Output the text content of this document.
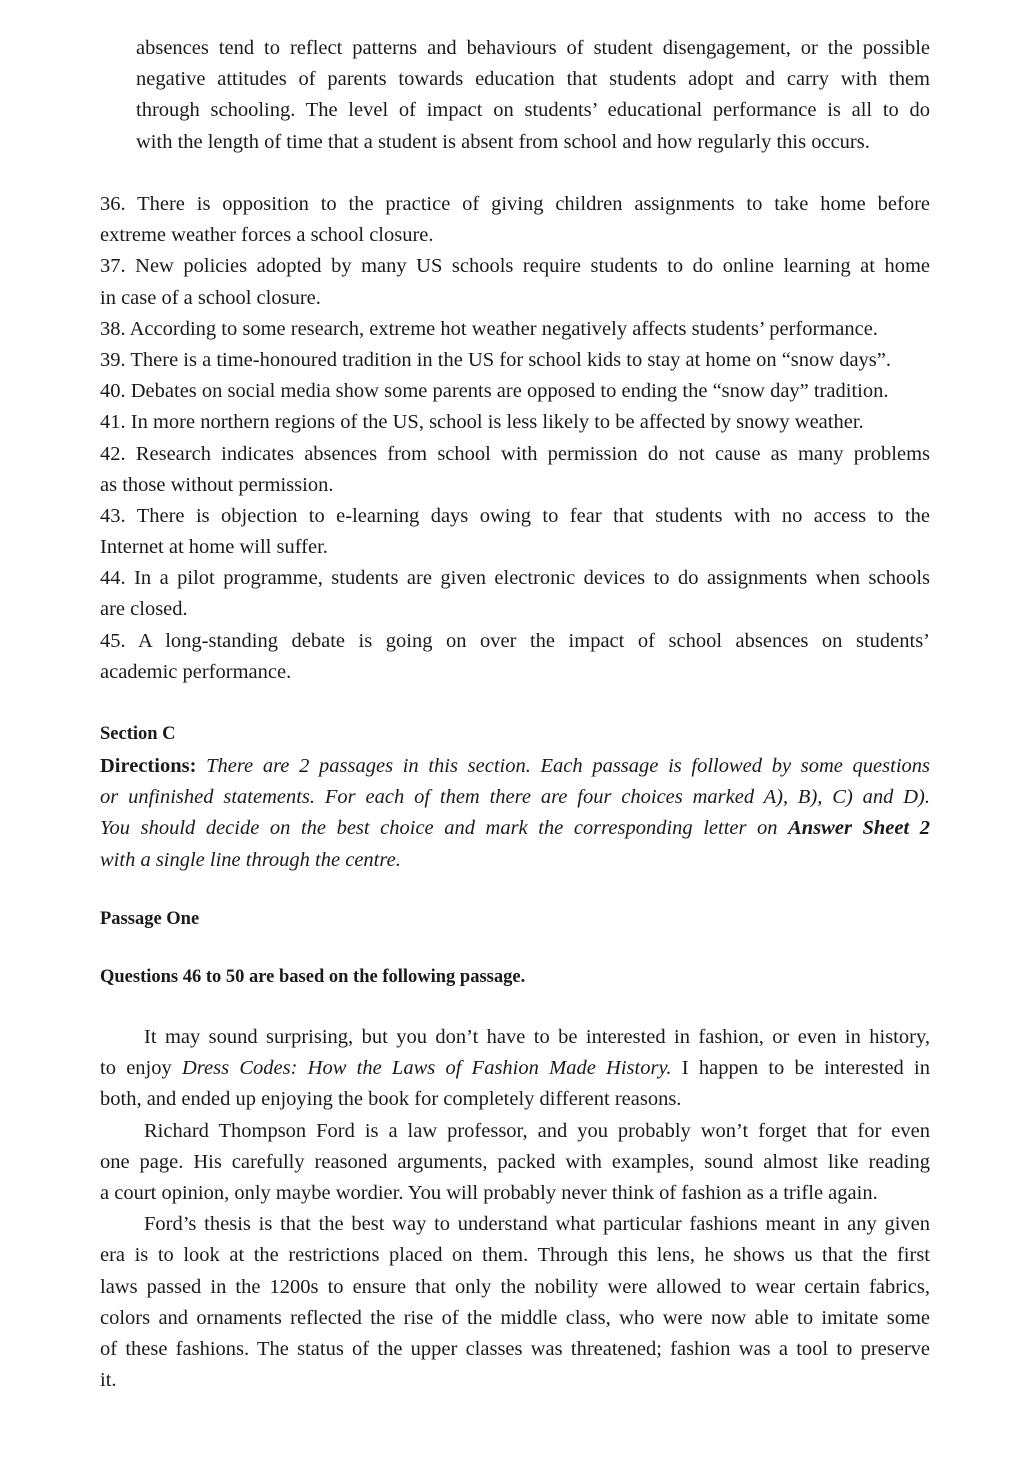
absences tend to reflect patterns and behaviours of student disengagement, or the possible
negative attitudes of parents towards education that students adopt and carry with them
through schooling. The level of impact on students’ educational performance is all to do
with the length of time that a student is absent from school and how regularly this occurs.
36. There is opposition to the practice of giving children assignments to take home before
extreme weather forces a school closure.
37. New policies adopted by many US schools require students to do online learning at home
in case of a school closure.
38. According to some research, extreme hot weather negatively affects students’ performance.
39. There is a time-honoured tradition in the US for school kids to stay at home on “snow days”.
40. Debates on social media show some parents are opposed to ending the “snow day” tradition.
41. In more northern regions of the US, school is less likely to be affected by snowy weather.
42. Research indicates absences from school with permission do not cause as many problems
as those without permission.
43. There is objection to e-learning days owing to fear that students with no access to the
Internet at home will suffer.
44. In a pilot programme, students are given electronic devices to do assignments when schools
are closed.
45. A long-standing debate is going on over the impact of school absences on students’
academic performance.
Section C
Directions: There are 2 passages in this section. Each passage is followed by some questions
or unfinished statements. For each of them there are four choices marked A), B), C) and D).
You should decide on the best choice and mark the corresponding letter on Answer Sheet 2
with a single line through the centre.
Passage One
Questions 46 to 50 are based on the following passage.
It may sound surprising, but you don’t have to be interested in fashion, or even in history,
to enjoy Dress Codes: How the Laws of Fashion Made History. I happen to be interested in
both, and ended up enjoying the book for completely different reasons.
Richard Thompson Ford is a law professor, and you probably won’t forget that for even
one page. His carefully reasoned arguments, packed with examples, sound almost like reading
a court opinion, only maybe wordier. You will probably never think of fashion as a trifle again.
Ford’s thesis is that the best way to understand what particular fashions meant in any given
era is to look at the restrictions placed on them. Through this lens, he shows us that the first
laws passed in the 1200s to ensure that only the nobility were allowed to wear certain fabrics,
colors and ornaments reflected the rise of the middle class, who were now able to imitate some
of these fashions. The status of the upper classes was threatened; fashion was a tool to preserve
it.
